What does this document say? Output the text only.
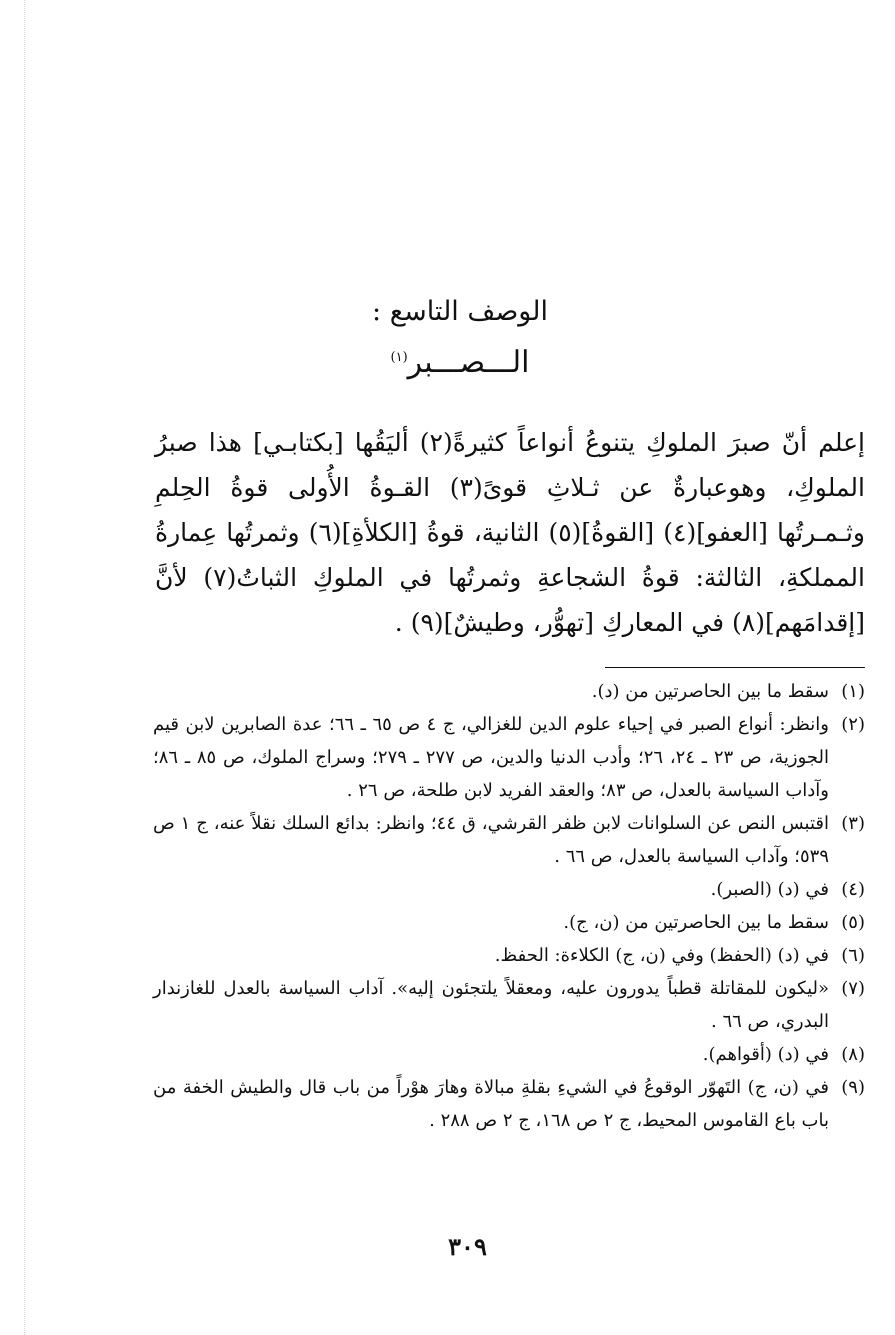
الوصف التاسع :
الـــصـــبر$^{(١)}$

إعلم أنّ صبرَ الملوكِ يتنوعُ أنواعاً كثيرةً(٢) أليَقُها [بكتابـي] هذا صبرُ الملوكِ، وهوعبارةٌ عن ثـلاثِ قوىً(٣) القـوةُ الأُولى قوةُ الحِلمِ وثـمـرتُها [العفو](٤) [القوةُ](٥) الثانية، قوةُ [الكلأةِ](٦) وثمرتُها عِمارةُ المملكةِ، الثالثة: قوةُ الشجاعةِ وثمرتُها في الملوكِ الثباتُ(٧) لأنَّ [إقدامَهم](٨) في المعاركِ [تهوُّر، وطيشٌ](٩) .

(١)
سقط ما بين الحاصرتين من (د).
(٢)
وانظر: أنواع الصبر في إحياء علوم الدين للغزالي، ج ٤ ص ٦٥ ـ ٦٦؛ عدة الصابرين لابن قيم الجوزية، ص ٢٣ ـ ٢٤، ٢٦؛ وأدب الدنيا والدين، ص ٢٧٧ ـ ٢٧٩؛ وسراج الملوك، ص ٨٥ ـ ٨٦؛ وآداب السياسة بالعدل، ص ٨٣؛ والعقد الفريد لابن طلحة، ص ٢٦ .
(٣)
اقتبس النص عن السلوانات لابن ظفر القرشي، ق ٤٤؛ وانظر: بدائع السلك نقلاً عنه، ج ١ ص ٥٣٩؛ وآداب السياسة بالعدل، ص ٦٦ .
(٤)
في (د) (الصبر).
(٥)
سقط ما بين الحاصرتين من (ن، ج).
(٦)
في (د) (الحفظ) وفي (ن، ج) الكلاءة: الحفظ.
(٧)
«ليكون للمقاتلة قطباً يدورون عليه، ومعقلاً يلتجئون إليه». آداب السياسة بالعدل للغازندار البدري، ص ٦٦ .
(٨)
في (د) (أقواهم).
(٩)
في (ن، ج) التَهوّر الوقوعُ في الشيءِ بقلةِ مبالاة وهارَ هوْراً من باب قال والطيش الخفة من باب باع القاموس المحيط، ج ٢ ص ١٦٨، ج ٢ ص ٢٨٨ .
٣٠٩
